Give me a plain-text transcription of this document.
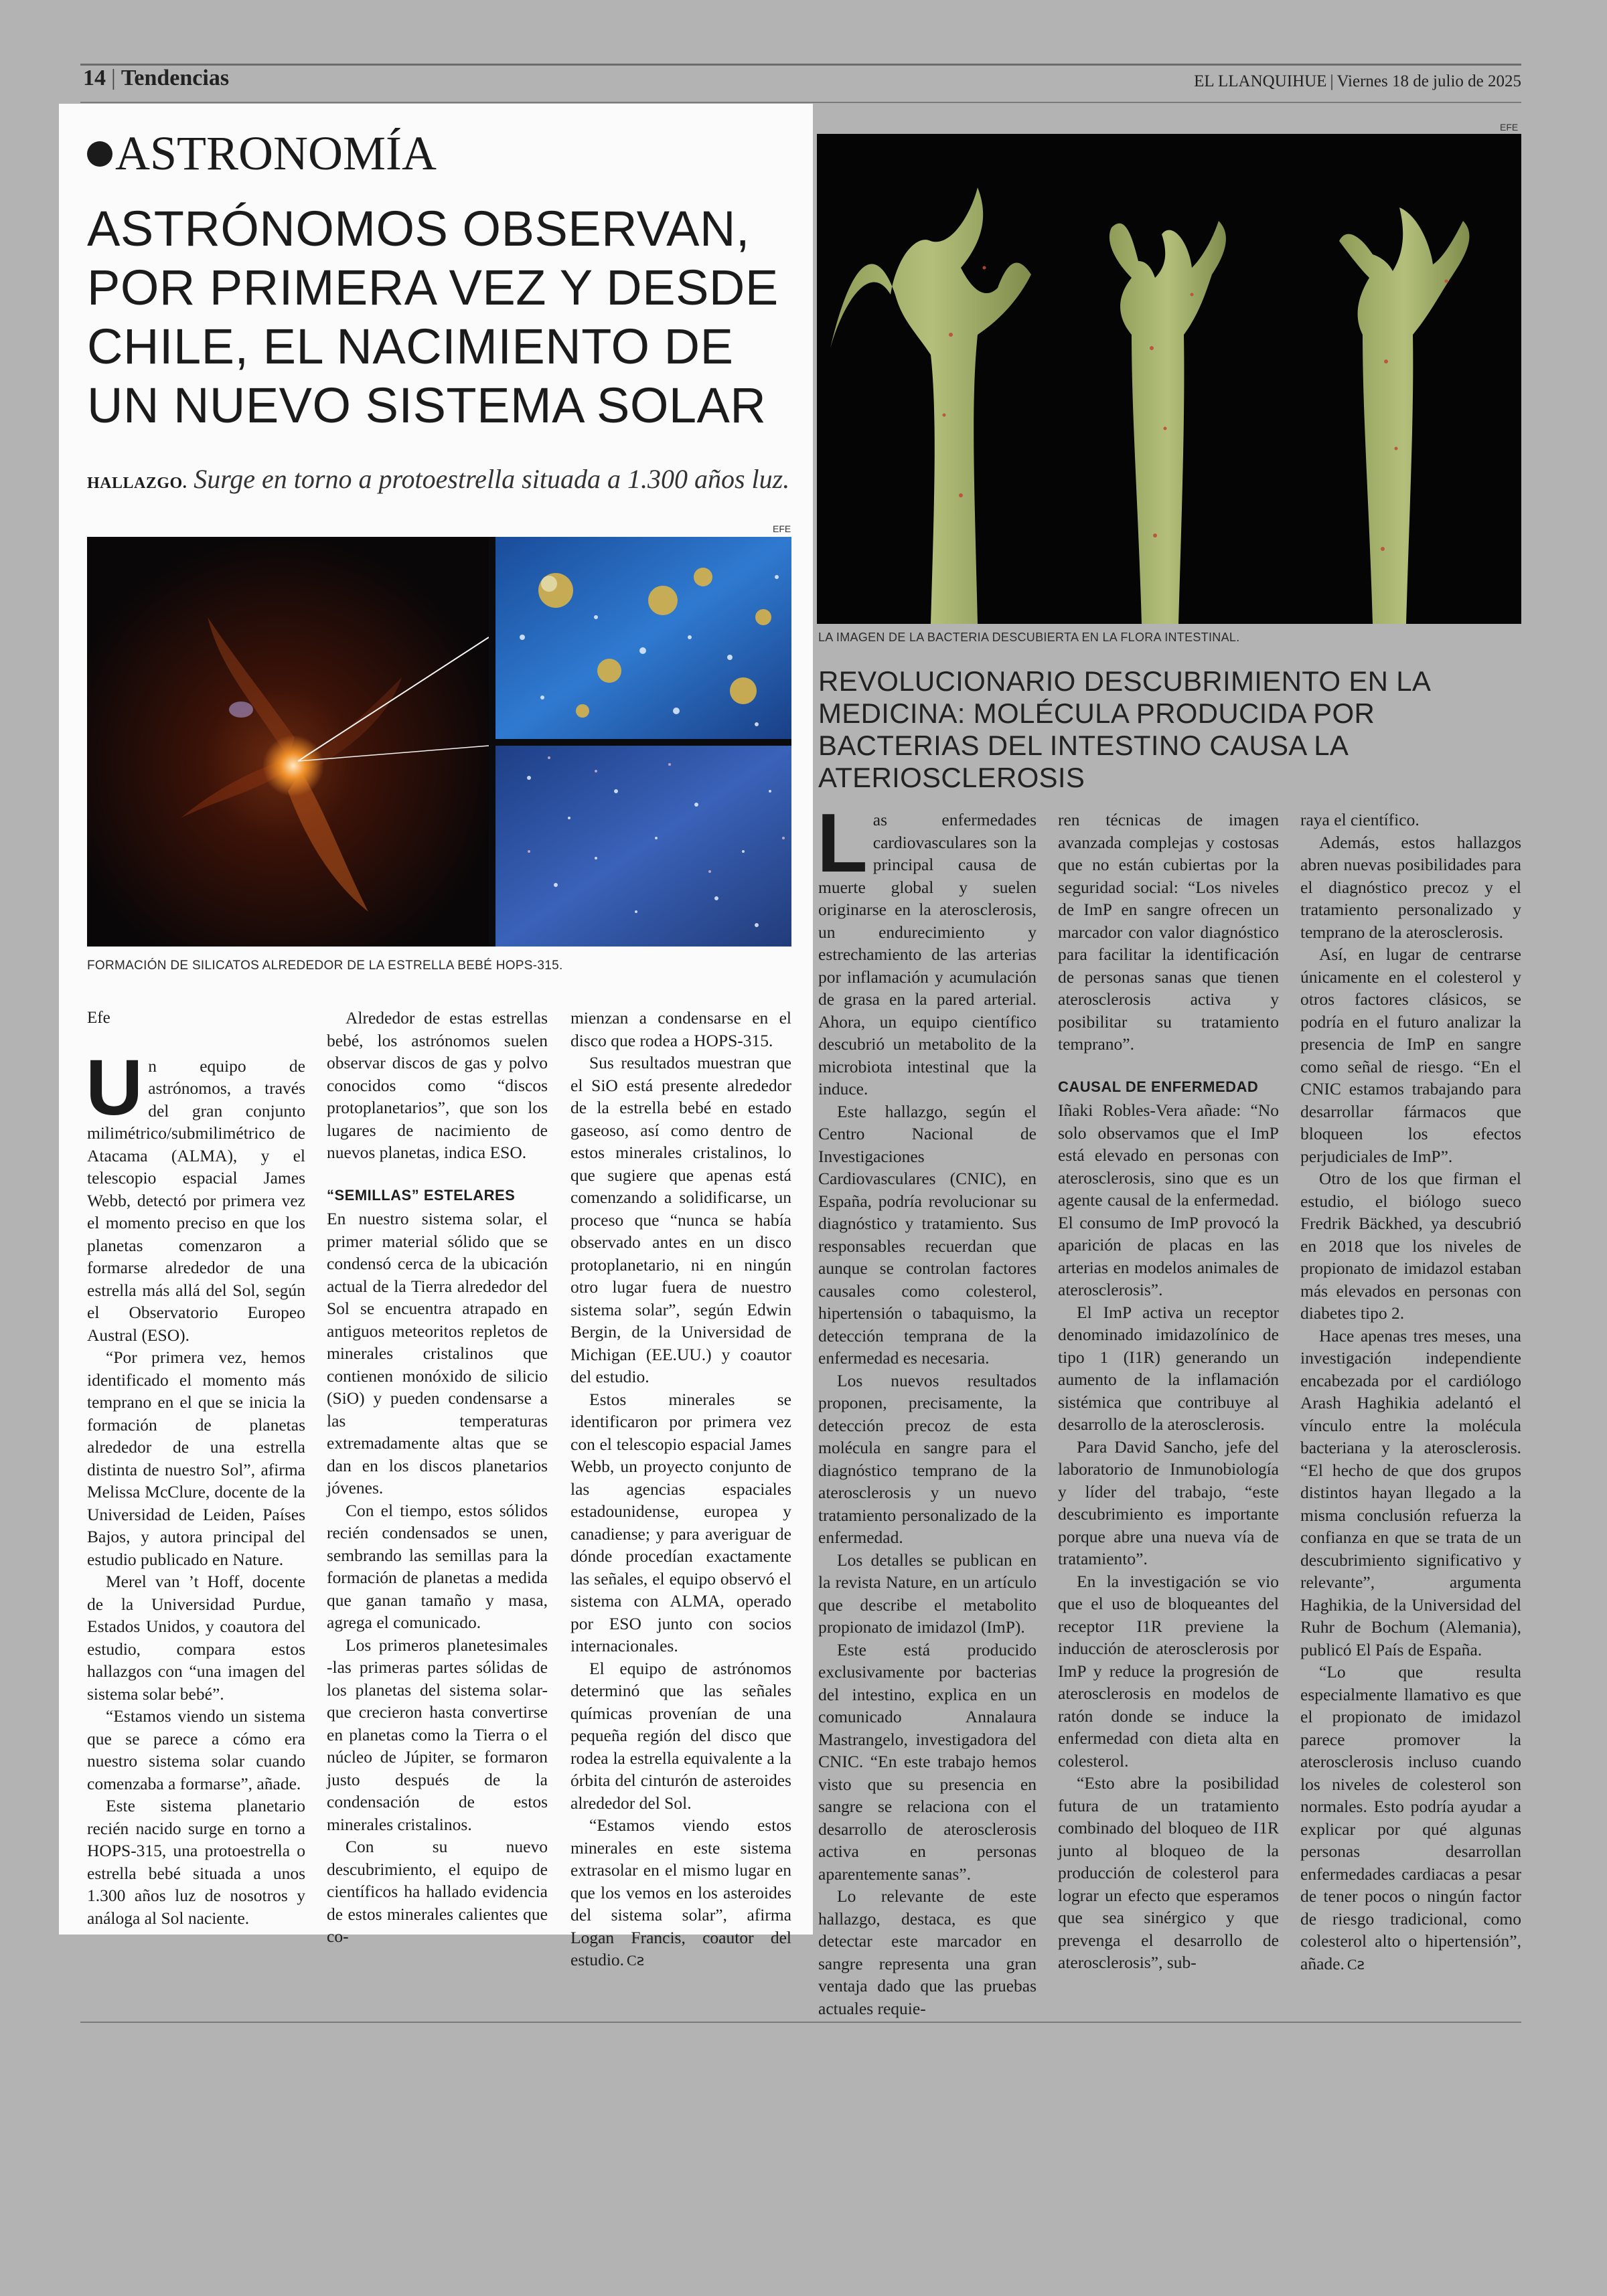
14 | Tendencias	EL LLANQUIHUE | Viernes 18 de julio de 2025
ASTRONOMÍA
ASTRÓNOMOS OBSERVAN, POR PRIMERA VEZ Y DESDE CHILE, EL NACIMIENTO DE UN NUEVO SISTEMA SOLAR
HALLAZGO. Surge en torno a protoestrella situada a 1.300 años luz.
EFE
FORMACIÓN DE SILICATOS ALREDEDOR DE LA ESTRELLA BEBÉ HOPS-315.

Efe

Un equipo de astrónomos, a través del gran conjunto milimétrico/submilimétrico de Atacama (ALMA), y el telescopio espacial James Webb, detectó por primera vez el momento preciso en que los planetas comenzaron a formarse alrededor de una estrella más allá del Sol, según el Observatorio Europeo Austral (ESO).

“Por primera vez, hemos identificado el momento más temprano en el que se inicia la formación de planetas alrededor de una estrella distinta de nuestro Sol”, afirma Melissa McClure, docente de la Universidad de Leiden, Países Bajos, y autora principal del estudio publicado en Nature.

Merel van ’t Hoff, docente de la Universidad Purdue, Estados Unidos, y coautora del estudio, compara estos hallazgos con “una imagen del sistema solar bebé”.

“Estamos viendo un sistema que se parece a cómo era nuestro sistema solar cuando comenzaba a formarse”, añade.

Este sistema planetario recién nacido surge en torno a HOPS-315, una protoestrella o estrella bebé situada a unos 1.300 años luz de nosotros y análoga al Sol naciente.

Alrededor de estas estrellas bebé, los astrónomos suelen observar discos de gas y polvo conocidos como “discos protoplanetarios”, que son los lugares de nacimiento de nuevos planetas, indica ESO.

“SEMILLAS” ESTELARES

En nuestro sistema solar, el primer material sólido que se condensó cerca de la ubicación actual de la Tierra alrededor del Sol se encuentra atrapado en antiguos meteoritos repletos de minerales cristalinos que contienen monóxido de silicio (SiO) y pueden condensarse a las temperaturas extremadamente altas que se dan en los discos planetarios jóvenes.

Con el tiempo, estos sólidos recién condensados se unen, sembrando las semillas para la formación de planetas a medida que ganan tamaño y masa, agrega el comunicado.

Los primeros planetesimales -las primeras partes sólidas de los planetas del sistema solar- que crecieron hasta convertirse en planetas como la Tierra o el núcleo de Júpiter, se formaron justo después de la condensación de estos minerales cristalinos.

Con su nuevo descubrimiento, el equipo de científicos ha hallado evidencia de estos minerales calientes que co-

mienzan a condensarse en el disco que rodea a HOPS-315.

Sus resultados muestran que el SiO está presente alrededor de la estrella bebé en estado gaseoso, así como dentro de estos minerales cristalinos, lo que sugiere que apenas está comenzando a solidificarse, un proceso que “nunca se había observado antes en un disco protoplanetario, ni en ningún otro lugar fuera de nuestro sistema solar”, según Edwin Bergin, de la Universidad de Michigan (EE.UU.) y coautor del estudio.

Estos minerales se identificaron por primera vez con el telescopio espacial James Webb, un proyecto conjunto de las agencias espaciales estadounidense, europea y canadiense; y para averiguar de dónde procedían exactamente las señales, el equipo observó el sistema con ALMA, operado por ESO junto con socios internacionales.

El equipo de astrónomos determinó que las señales químicas provenían de una pequeña región del disco que rodea la estrella equivalente a la órbita del cinturón de asteroides alrededor del Sol.

“Estamos viendo estos minerales en este sistema extrasolar en el mismo lugar en que los vemos en los asteroides del sistema solar”, afirma Logan Francis, coautor del estudio. Cꙅ

EFE
LA IMAGEN DE LA BACTERIA DESCUBIERTA EN LA FLORA INTESTINAL.
REVOLUCIONARIO DESCUBRIMIENTO EN LA MEDICINA: MOLÉCULA PRODUCIDA POR BACTERIAS DEL INTESTINO CAUSA LA ATERIOSCLEROSIS

Las enfermedades cardiovasculares son la principal causa de muerte global y suelen originarse en la aterosclerosis, un endurecimiento y estrechamiento de las arterias por inflamación y acumulación de grasa en la pared arterial. Ahora, un equipo científico descubrió un metabolito de la microbiota intestinal que la induce.

Este hallazgo, según el Centro Nacional de Investigaciones Cardiovasculares (CNIC), en España, podría revolucionar su diagnóstico y tratamiento. Sus responsables recuerdan que aunque se controlan factores causales como colesterol, hipertensión o tabaquismo, la detección temprana de la enfermedad es necesaria.

Los nuevos resultados proponen, precisamente, la detección precoz de esta molécula en sangre para el diagnóstico temprano de la aterosclerosis y un nuevo tratamiento personalizado de la enfermedad.

Los detalles se publican en la revista Nature, en un artículo que describe el metabolito propionato de imidazol (ImP).

Este está producido exclusivamente por bacterias del intestino, explica en un comunicado Annalaura Mastrangelo, investigadora del CNIC. “En este trabajo hemos visto que su presencia en sangre se relaciona con el desarrollo de aterosclerosis activa en personas aparentemente sanas”.

Lo relevante de este hallazgo, destaca, es que detectar este marcador en sangre representa una gran ventaja dado que las pruebas actuales requie-

ren técnicas de imagen avanzada complejas y costosas que no están cubiertas por la seguridad social: “Los niveles de ImP en sangre ofrecen un marcador con valor diagnóstico para facilitar la identificación de personas sanas que tienen aterosclerosis activa y posibilitar su tratamiento temprano”.

CAUSAL DE ENFERMEDAD

Iñaki Robles-Vera añade: “No solo observamos que el ImP está elevado en personas con aterosclerosis, sino que es un agente causal de la enfermedad. El consumo de ImP provocó la aparición de placas en las arterias en modelos animales de aterosclerosis”.

El ImP activa un receptor denominado imidazolínico de tipo 1 (I1R) generando un aumento de la inflamación sistémica que contribuye al desarrollo de la aterosclerosis.

Para David Sancho, jefe del laboratorio de Inmunobiología y líder del trabajo, “este descubrimiento es importante porque abre una nueva vía de tratamiento”.

En la investigación se vio que el uso de bloqueantes del receptor I1R previene la inducción de aterosclerosis por ImP y reduce la progresión de aterosclerosis en modelos de ratón donde se induce la enfermedad con dieta alta en colesterol.

“Esto abre la posibilidad futura de un tratamiento combinado del bloqueo de I1R junto al bloqueo de la producción de colesterol para lograr un efecto que esperamos que sea sinérgico y que prevenga el desarrollo de aterosclerosis”, sub-

raya el científico.

Además, estos hallazgos abren nuevas posibilidades para el diagnóstico precoz y el tratamiento personalizado y temprano de la aterosclerosis.

Así, en lugar de centrarse únicamente en el colesterol y otros factores clásicos, se podría en el futuro analizar la presencia de ImP en sangre como señal de riesgo. “En el CNIC estamos trabajando para desarrollar fármacos que bloqueen los efectos perjudiciales de ImP”.

Otro de los que firman el estudio, el biólogo sueco Fredrik Bäckhed, ya descubrió en 2018 que los niveles de propionato de imidazol estaban más elevados en personas con diabetes tipo 2.

Hace apenas tres meses, una investigación independiente encabezada por el cardiólogo Arash Haghikia adelantó el vínculo entre la molécula bacteriana y la aterosclerosis. “El hecho de que dos grupos distintos hayan llegado a la misma conclusión refuerza la confianza en que se trata de un descubrimiento significativo y relevante”, argumenta Haghikia, de la Universidad del Ruhr de Bochum (Alemania), publicó El País de España.

“Lo que resulta especialmente llamativo es que el propionato de imidazol parece promover la aterosclerosis incluso cuando los niveles de colesterol son normales. Esto podría ayudar a explicar por qué algunas personas desarrollan enfermedades cardiacas a pesar de tener pocos o ningún factor de riesgo tradicional, como colesterol alto o hipertensión”, añade. Cꙅ
